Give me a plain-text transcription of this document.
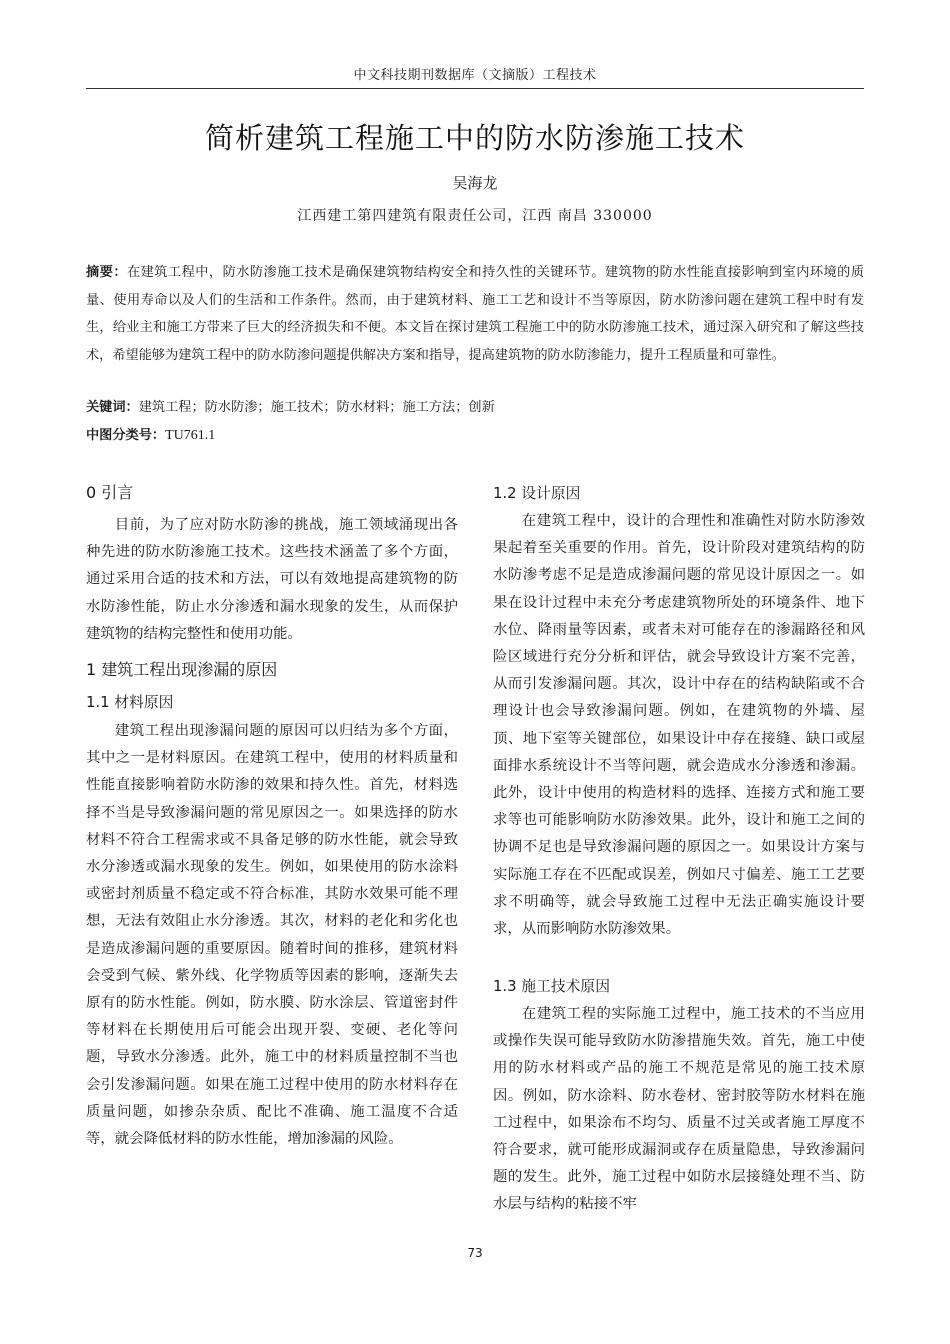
中文科技期刊数据库（文摘版）工程技术
简析建筑工程施工中的防水防渗施工技术
吴海龙
江西建工第四建筑有限责任公司，江西 南昌 330000
摘要：在建筑工程中，防水防渗施工技术是确保建筑物结构安全和持久性的关键环节。建筑物的防水性能直接影响到室内环境的质量、使用寿命以及人们的生活和工作条件。然而，由于建筑材料、施工工艺和设计不当等原因，防水防渗问题在建筑工程中时有发生，给业主和施工方带来了巨大的经济损失和不便。本文旨在探讨建筑工程施工中的防水防渗施工技术，通过深入研究和了解这些技术，希望能够为建筑工程中的防水防渗问题提供解决方案和指导，提高建筑物的防水防渗能力，提升工程质量和可靠性。
关键词：建筑工程；防水防渗；施工技术；防水材料；施工方法；创新
中图分类号：TU761.1
0 引言
目前，为了应对防水防渗的挑战，施工领域涌现出各种先进的防水防渗施工技术。这些技术涵盖了多个方面，通过采用合适的技术和方法，可以有效地提高建筑物的防水防渗性能，防止水分渗透和漏水现象的发生，从而保护建筑物的结构完整性和使用功能。
1 建筑工程出现渗漏的原因
1.1 材料原因
建筑工程出现渗漏问题的原因可以归结为多个方面，其中之一是材料原因。在建筑工程中，使用的材料质量和性能直接影响着防水防渗的效果和持久性。首先，材料选择不当是导致渗漏问题的常见原因之一。如果选择的防水材料不符合工程需求或不具备足够的防水性能，就会导致水分渗透或漏水现象的发生。例如，如果使用的防水涂料或密封剂质量不稳定或不符合标准，其防水效果可能不理想，无法有效阻止水分渗透。其次，材料的老化和劣化也是造成渗漏问题的重要原因。随着时间的推移，建筑材料会受到气候、紫外线、化学物质等因素的影响，逐渐失去原有的防水性能。例如，防水膜、防水涂层、管道密封件等材料在长期使用后可能会出现开裂、变硬、老化等问题，导致水分渗透。此外，施工中的材料质量控制不当也会引发渗漏问题。如果在施工过程中使用的防水材料存在质量问题，如掺杂杂质、配比不准确、施工温度不合适等，就会降低材料的防水性能，增加渗漏的风险。
1.2 设计原因
在建筑工程中，设计的合理性和准确性对防水防渗效果起着至关重要的作用。首先，设计阶段对建筑结构的防水防渗考虑不足是造成渗漏问题的常见设计原因之一。如果在设计过程中未充分考虑建筑物所处的环境条件、地下水位、降雨量等因素，或者未对可能存在的渗漏路径和风险区域进行充分分析和评估，就会导致设计方案不完善，从而引发渗漏问题。其次，设计中存在的结构缺陷或不合理设计也会导致渗漏问题。例如，在建筑物的外墙、屋顶、地下室等关键部位，如果设计中存在接缝、缺口或屋面排水系统设计不当等问题，就会造成水分渗透和渗漏。此外，设计中使用的构造材料的选择、连接方式和施工要求等也可能影响防水防渗效果。此外，设计和施工之间的协调不足也是导致渗漏问题的原因之一。如果设计方案与实际施工存在不匹配或误差，例如尺寸偏差、施工工艺要求不明确等，就会导致施工过程中无法正确实施设计要求，从而影响防水防渗效果。
1.3 施工技术原因
在建筑工程的实际施工过程中，施工技术的不当应用或操作失误可能导致防水防渗措施失效。首先，施工中使用的防水材料或产品的施工不规范是常见的施工技术原因。例如，防水涂料、防水卷材、密封胶等防水材料在施工过程中，如果涂布不均匀、质量不过关或者施工厚度不符合要求，就可能形成漏洞或存在质量隐患，导致渗漏问题的发生。此外，施工过程中如防水层接缝处理不当、防水层与结构的粘接不牢
73
